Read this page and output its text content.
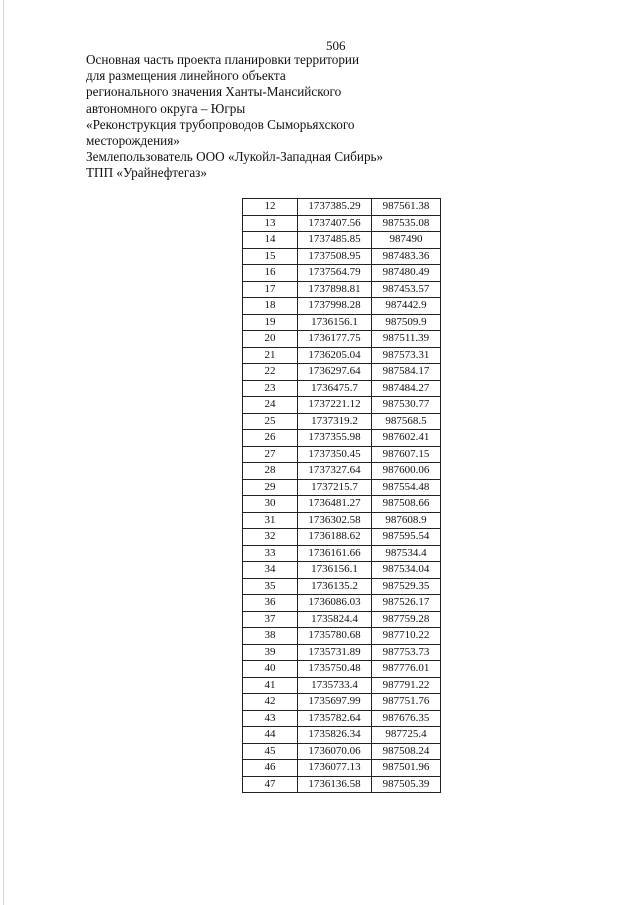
506
Основная часть проекта планировки территории
для размещения линейного объекта
регионального значения Ханты-Мансийского
автономного округа – Югры
«Реконструкция трубопроводов Сыморьяхского
месторождения»
Землепользователь ООО «Лукойл-Западная Сибирь»
ТПП «Урайнефтегаз»
12	1737385.29	987561.38
13	1737407.56	987535.08
14	1737485.85	987490
15	1737508.95	987483.36
16	1737564.79	987480.49
17	1737898.81	987453.57
18	1737998.28	987442.9
19	1736156.1	987509.9
20	1736177.75	987511.39
21	1736205.04	987573.31
22	1736297.64	987584.17
23	1736475.7	987484.27
24	1737221.12	987530.77
25	1737319.2	987568.5
26	1737355.98	987602.41
27	1737350.45	987607.15
28	1737327.64	987600.06
29	1737215.7	987554.48
30	1736481.27	987508.66
31	1736302.58	987608.9
32	1736188.62	987595.54
33	1736161.66	987534.4
34	1736156.1	987534.04
35	1736135.2	987529.35
36	1736086.03	987526.17
37	1735824.4	987759.28
38	1735780.68	987710.22
39	1735731.89	987753.73
40	1735750.48	987776.01
41	1735733.4	987791.22
42	1735697.99	987751.76
43	1735782.64	987676.35
44	1735826.34	987725.4
45	1736070.06	987508.24
46	1736077.13	987501.96
47	1736136.58	987505.39
